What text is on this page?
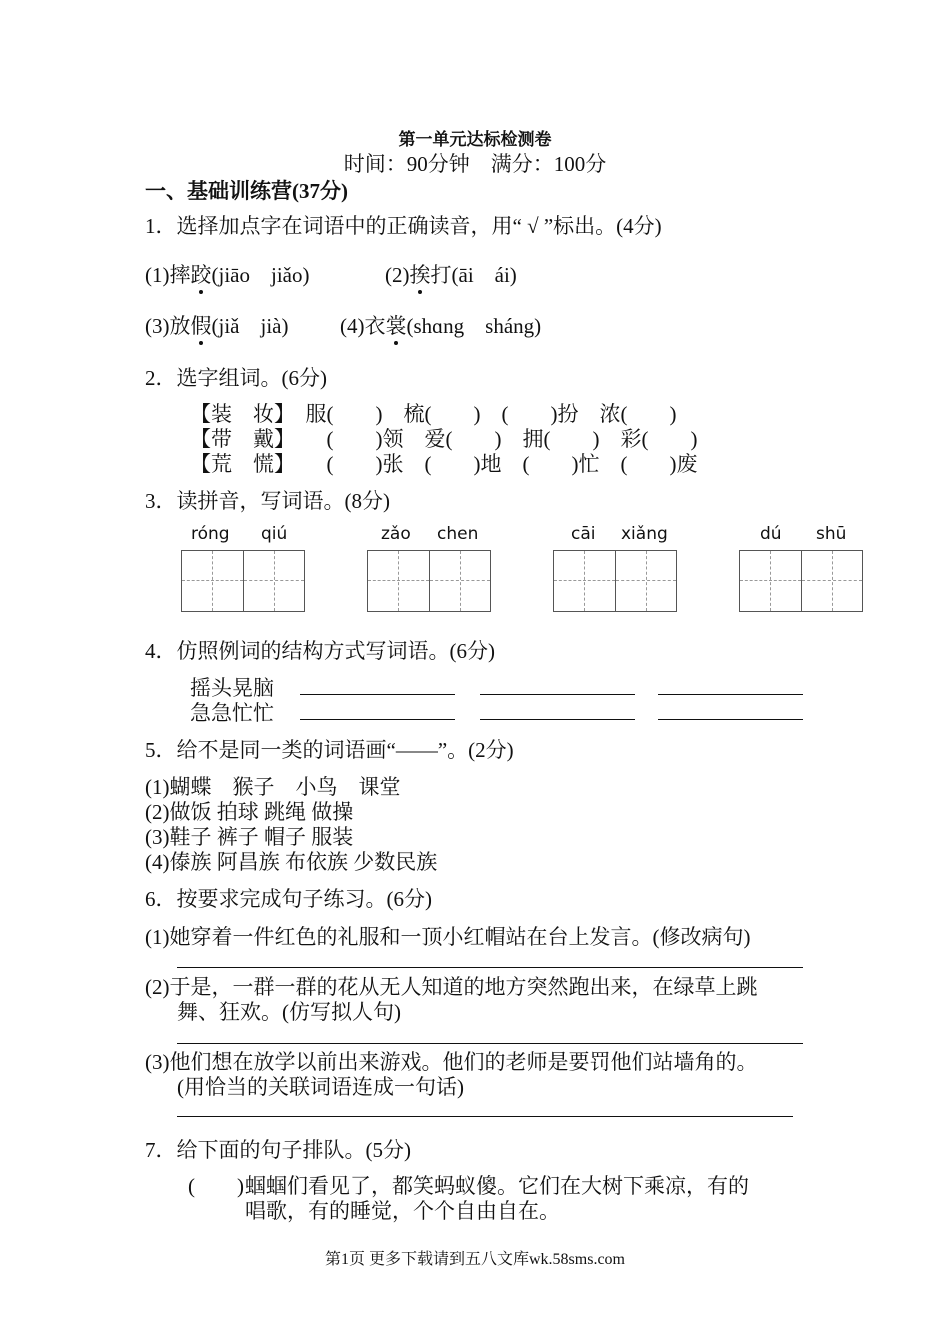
第一单元达标检测卷
时间：90分钟　满分：100分
一、基础训练营(37分)
1．选择加点字在词语中的正确读音，用“ √ ”标出。(4分)
(1)摔跤(jiāo　jiǎo)	(2)挨打(āi　ái)
(3)放假(jiǎ　jià) (4)衣裳(shɑng　sháng)
2．选字组词。(6分)
【装　妆】　服(　　)　梳(　　)　(　　)扮　浓(　　)
【带　戴】　　(　　)领　爱(　　)　拥(　　)　彩(　　)
【荒　慌】　　(　　)张　(　　)地　(　　)忙　(　　)废
3．读拼音，写词语。(8分)
róng qiú	zǎo chen	cāi xiǎng	dú shū
4．仿照例词的结构方式写词语。(6分)
摇头晃脑
急急忙忙
5．给不是同一类的词语画“——”。(2分)
(1)蝴蝶　猴子　小鸟　课堂
(2)做饭 拍球 跳绳 做操
(3)鞋子 裤子 帽子 服装
(4)傣族 阿昌族 布依族 少数民族
6．按要求完成句子练习。(6分)
(1)她穿着一件红色的礼服和一顶小红帽站在台上发言。(修改病句)
(2)于是，一群一群的花从无人知道的地方突然跑出来，在绿草上跳
舞、狂欢。(仿写拟人句)
(3)他们想在放学以前出来游戏。他们的老师是要罚他们站墙角的。
(用恰当的关联词语连成一句话)
7．给下面的句子排队。(5分)
(　　) 蝈蝈们看见了，都笑蚂蚁傻。它们在大树下乘凉，有的
唱歌，有的睡觉，个个自由自在。
第1页 更多下载请到五八文库wk.58sms.com
